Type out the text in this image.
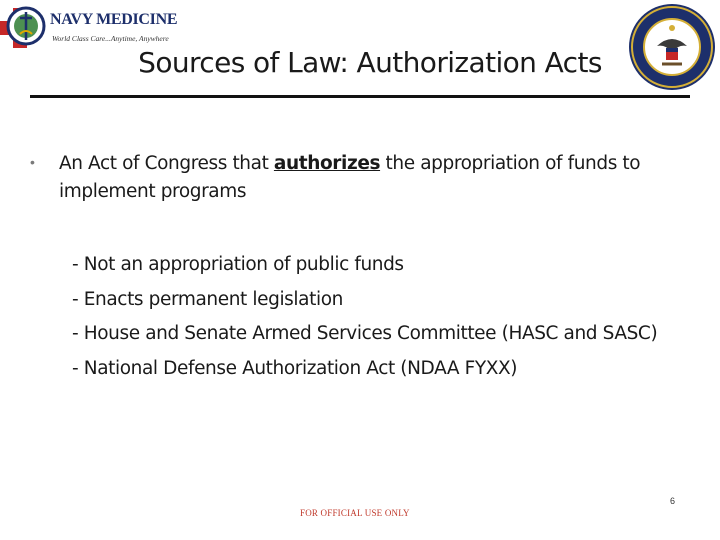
NAVY MEDICINE
World Class Care...Anytime, Anywhere
Sources of Law: Authorization Acts
• An Act of Congress that authorizes the appropriation of funds to implement programs
- Not an appropriation of public funds
- Enacts permanent legislation
- House and Senate Armed Services Committee (HASC and SASC)
- National Defense Authorization Act (NDAA FYXX)
FOR OFFICIAL USE ONLY
6
